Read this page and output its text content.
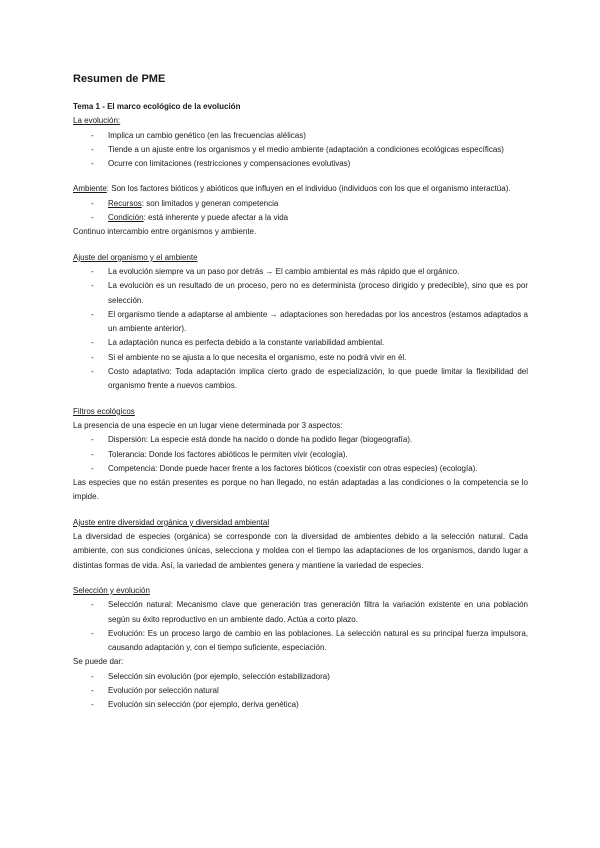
Resumen de PME

Tema 1 - El marco ecológico de la evolución

La evolución:

- Implica un cambio genético (en las frecuencias alélicas)
- Tiende a un ajuste entre los organismos y el medio ambiente (adaptación a condiciones ecológicas específicas)
- Ocurre con limitaciones (restricciones y compensaciones evolutivas)

Ambiente: Son los factores bióticos y abióticos que influyen en el individuo (individuos con los que el organismo interactúa).

- Recursos: son limitados y generan competencia
- Condición: está inherente y puede afectar a la vida

Continuo intercambio entre organismos y ambiente.

Ajuste del organismo y el ambiente

- La evolución siempre va un paso por detrás → El cambio ambiental es más rápido que el orgánico.
- La evolución es un resultado de un proceso, pero no es determinista (proceso dirigido y predecible), sino que es por selección.
- El organismo tiende a adaptarse al ambiente → adaptaciones son heredadas por los ancestros (estamos adaptados a un ambiente anterior).
- La adaptación nunca es perfecta debido a la constante variabilidad ambiental.
- Si el ambiente no se ajusta a lo que necesita el organismo, este no podrá vivir en él.
- Costo adaptativo: Toda adaptación implica cierto grado de especialización, lo que puede limitar la flexibilidad del organismo frente a nuevos cambios.

Filtros ecológicos

La presencia de una especie en un lugar viene determinada por 3 aspectos:

- Dispersión: La especie está donde ha nacido o donde ha podido llegar (biogeografía).
- Tolerancia: Donde los factores abióticos le permiten vivir (ecología).
- Competencia: Donde puede hacer frente a los factores bióticos (coexistir con otras especies) (ecología).

Las especies que no están presentes es porque no han llegado, no están adaptadas a las condiciones o la competencia se lo impide.

Ajuste entre diversidad orgánica y diversidad ambiental

La diversidad de especies (orgánica) se corresponde con la diversidad de ambientes debido a la selección natural. Cada ambiente, con sus condiciones únicas, selecciona y moldea con el tiempo las adaptaciones de los organismos, dando lugar a distintas formas de vida. Así, la variedad de ambientes genera y mantiene la variedad de especies.

Selección y evolución

- Selección natural: Mecanismo clave que generación tras generación filtra la variación existente en una población según su éxito reproductivo en un ambiente dado. Actúa a corto plazo.
- Evolución: Es un proceso largo de cambio en las poblaciones. La selección natural es su principal fuerza impulsora, causando adaptación y, con el tiempo suficiente, especiación.

Se puede dar:

- Selección sin evolución (por ejemplo, selección estabilizadora)
- Evolución por selección natural
- Evolución sin selección (por ejemplo, deriva genética)
